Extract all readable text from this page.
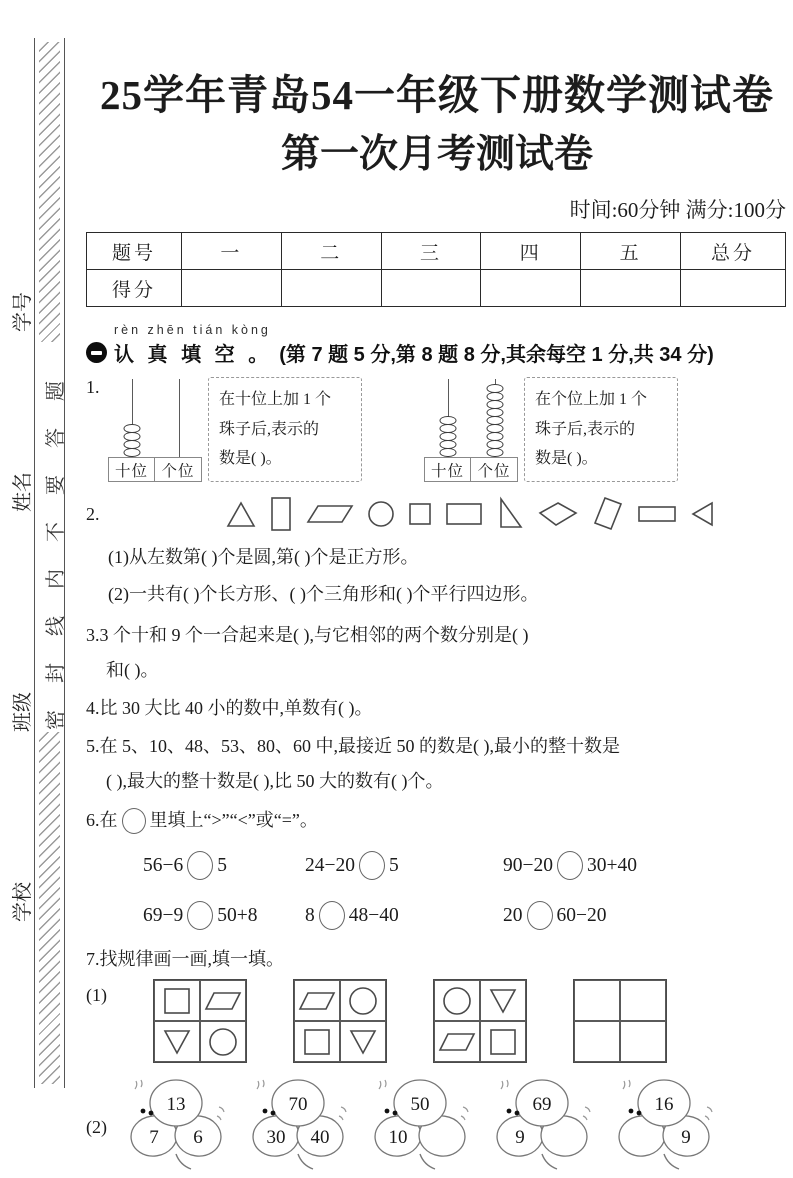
学号
姓名
班级
学校
密封线内不要答题
25学年青岛54一年级下册数学测试卷
第一次月考测试卷
时间:60分钟 满分:100分
题号	一	二	三	四	五	总分
得分						
rèn zhēn tián kòng
认 真 填 空 。 (第 7 题 5 分,第 8 题 8 分,其余每空 1 分,共 34 分)
1.
十位 个位
在十位上加 1 个
珠子后,表示的
数是( )。
十位 个位
在个位上加 1 个
珠子后,表示的
数是( )。
2.
(1)从左数第( )个是圆,第( )个是正方形。
(2)一共有( )个长方形、( )个三角形和( )个平行四边形。
3.3 个十和 9 个一合起来是( ),与它相邻的两个数分别是( )
和( )。
4.比 30 大比 40 小的数中,单数有( )。
5.在 5、10、48、53、80、60 中,最接近 50 的数是( ),最小的整十数是
( ),最大的整十数是( ),比 50 大的数有( )个。
6.在 里填上“>”“<”或“=”。
56−6 5	24−20 5	90−20 30+40
69−9 50+8	8 48−40	20 60−20
7.找规律画一画,填一填。
(1)
(2)
13
7 6
70
30 40
50
10
69
9
16
9
